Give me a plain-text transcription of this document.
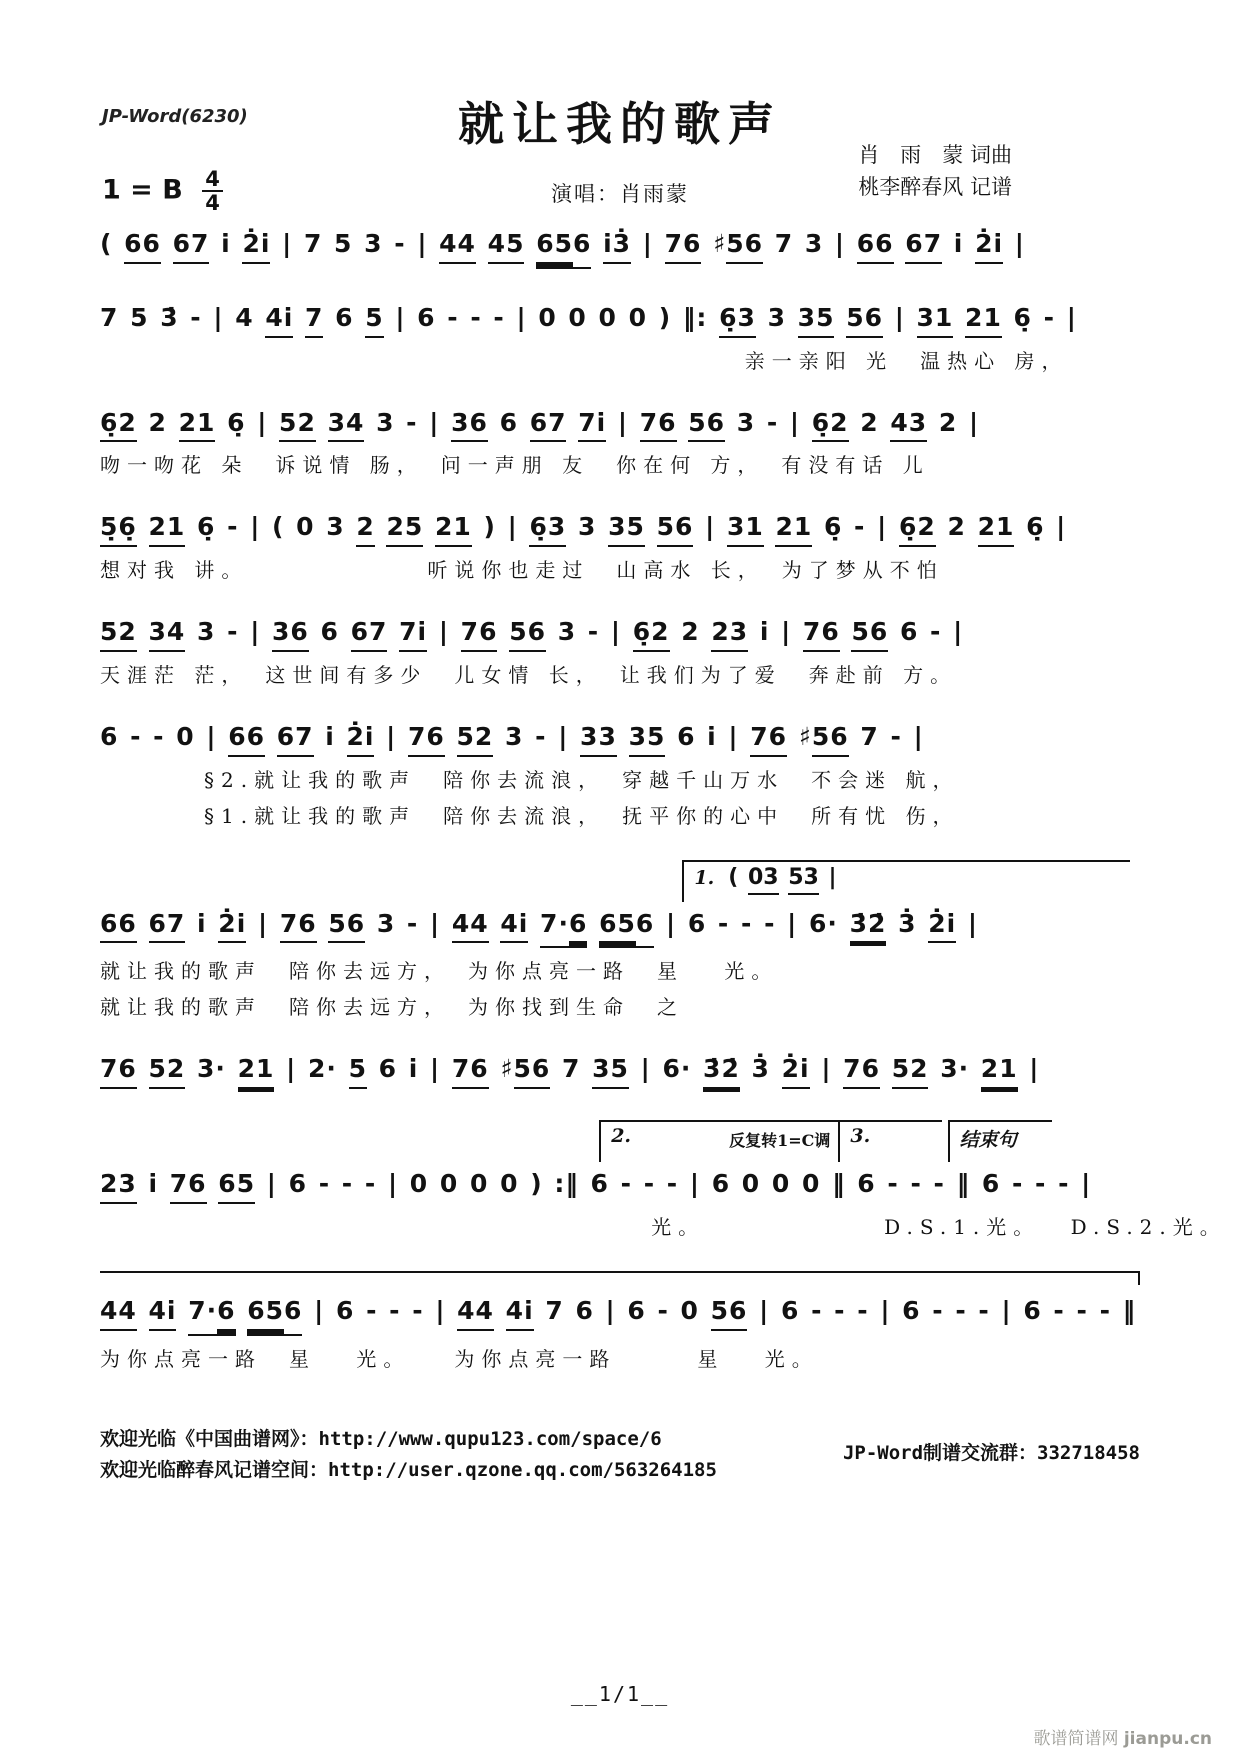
JP-Word(6230)	就让我的歌声
肖　雨　蒙 词曲
桃李醉春风 记谱
1 = B $\frac{4}{4}$	演唱：肖雨蒙
( 66 67 i 2̇i | 7 5 3 - | 44 45 656 i3̇ | 76 ♯56 7 3 | 66 67 i 2̇i |
7 5 3̇ - | 4 4i 7 6 5 | 6 - - - | 0 0 0 0 ) ‖: 6̣3 3 35 56 | 31 21 6̣ - |
亲一亲阳 光　温热心 房，
6̣2 2 21 6̣ | 52 34 3 - | 36 6 67 7i | 76 56 3 - | 6̣2 2 43 2 |
吻一吻花 朵　诉说情 肠，　问一声朋 友　你在何 方，　有没有话 儿
5̣6̣ 21 6̣ - | ( 0 3 2 25 21 ) | 6̣3 3 35 56 | 31 21 6̣ - | 6̣2 2 21 6̣ |
想对我 讲。　　　　　　　听说你也走过　山高水 长，　为了梦从不怕
52 34 3 - | 36 6 67 7i | 76 56 3 - | 6̣2 2 23 i | 76 56 6 - |
天涯茫 茫，　这世间有多少　儿女情 长，　让我们为了爱　奔赴前 方。
6 - - 0 | 66 67 i 2̇i | 76 52 3 - | 33 35 6 i | 76 ♯56 7 - |
§2.就让我的歌声　陪你去流浪，　穿越千山万水　不会迷 航，
§1.就让我的歌声　陪你去流浪，　抚平你的心中　所有忧 伤，
1. ( 03 53 |
66 67 i 2̇i | 76 56 3 - | 44 4i 7·6 656 | 6 - - - | 6· 3̇2̇ 3̇ 2̇i |
就让我的歌声　陪你去远方，　为你点亮一路　星　 光。
就让我的歌声　陪你去远方，　为你找到生命　之
76 52 3· 21 | 2· 5 6 i | 76 ♯56 7 35 | 6· 3̇2̇ 3̇ 2̇i | 76 52 3· 21 |
2.	反复转1=C调	3.	结束句
23 i 76 65 | 6 - - - | 0 0 0 0 ) :‖ 6 - - - | 6 0 0 0 ‖ 6 - - - ‖ 6 - - - |
光。　　　　　　　D.S.1.光。　 D.S.2.光。
44 4i 7·6 656 | 6 - - - | 44 4i 7 6 | 6 - 0 56 | 6 - - - | 6 - - - | 6 - - - ‖
为你点亮一路　星　 光。　　为你点亮一路　　　星　 光。
欢迎光临《中国曲谱网》：http://www.qupu123.com/space/6
欢迎光临醉春风记谱空间：http://user.qzone.qq.com/563264185
JP-Word制谱交流群：332718458
__1/1__
歌谱简谱网 jianpu.cn
